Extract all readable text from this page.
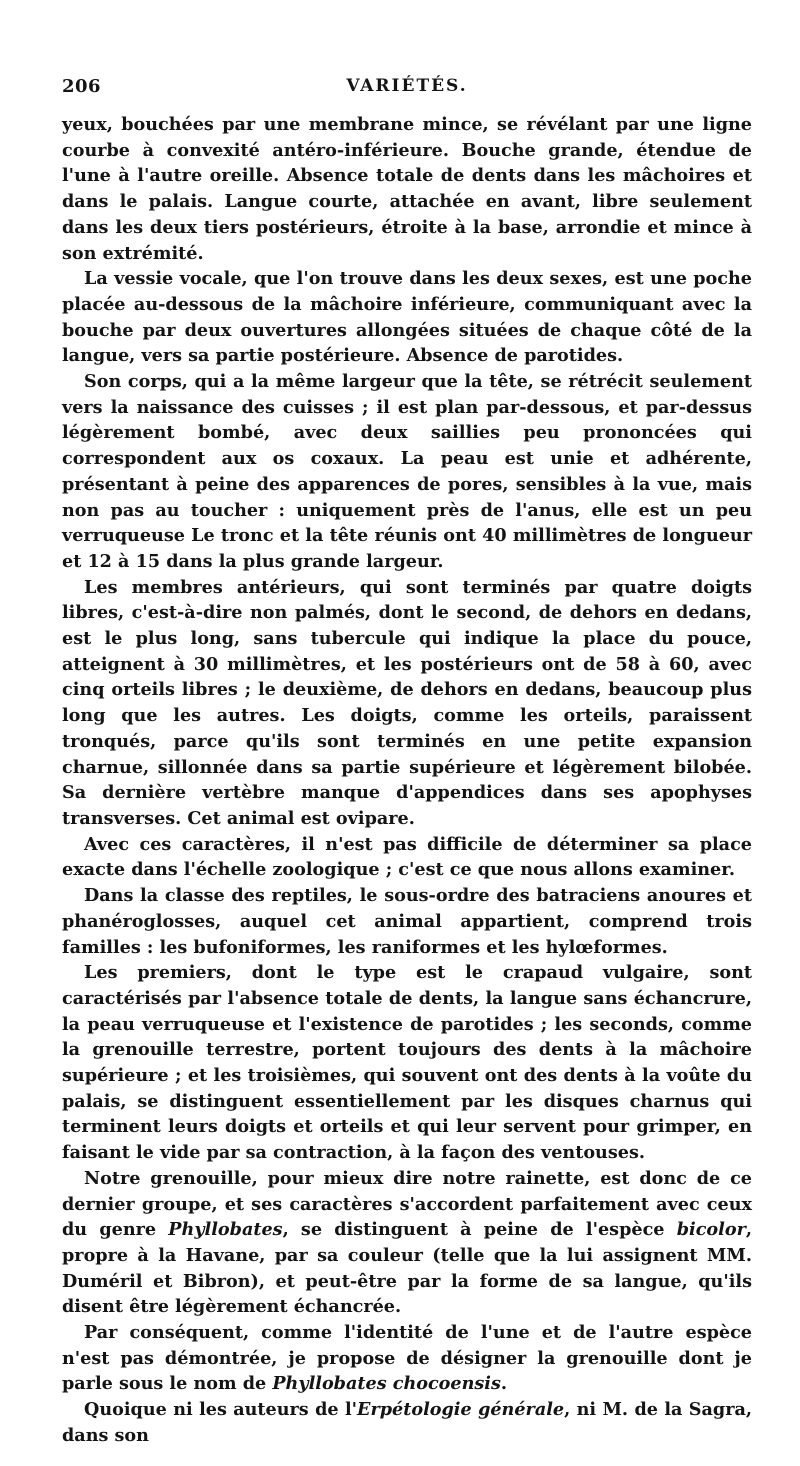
206	VARIÉTÉS.

yeux, bouchées par une membrane mince, se révélant par une ligne courbe à convexité antéro-inférieure. Bouche grande, étendue de l'une à l'autre oreille. Absence totale de dents dans les mâchoires et dans le palais. Langue courte, attachée en avant, libre seulement dans les deux tiers postérieurs, étroite à la base, arrondie et mince à son extrémité.

La vessie vocale, que l'on trouve dans les deux sexes, est une poche placée au-dessous de la mâchoire inférieure, communiquant avec la bouche par deux ouvertures allongées situées de chaque côté de la langue, vers sa partie postérieure. Absence de parotides.

Son corps, qui a la même largeur que la tête, se rétrécit seulement vers la naissance des cuisses ; il est plan par-dessous, et par-dessus légèrement bombé, avec deux saillies peu prononcées qui correspondent aux os coxaux. La peau est unie et adhérente, présentant à peine des apparences de pores, sensibles à la vue, mais non pas au toucher : uniquement près de l'anus, elle est un peu verruqueuse Le tronc et la tête réunis ont 40 millimètres de longueur et 12 à 15 dans la plus grande largeur.

Les membres antérieurs, qui sont terminés par quatre doigts libres, c'est-à-dire non palmés, dont le second, de dehors en dedans, est le plus long, sans tubercule qui indique la place du pouce, atteignent à 30 millimètres, et les postérieurs ont de 58 à 60, avec cinq orteils libres ; le deuxième, de dehors en dedans, beaucoup plus long que les autres. Les doigts, comme les orteils, paraissent tronqués, parce qu'ils sont terminés en une petite expansion charnue, sillonnée dans sa partie supérieure et légèrement bilobée. Sa dernière vertèbre manque d'appendices dans ses apophyses transverses. Cet animal est ovipare.

Avec ces caractères, il n'est pas difficile de déterminer sa place exacte dans l'échelle zoologique ; c'est ce que nous allons examiner.

Dans la classe des reptiles, le sous-ordre des batraciens anoures et phanéroglosses, auquel cet animal appartient, comprend trois familles : les bufoniformes, les raniformes et les hylœformes.

Les premiers, dont le type est le crapaud vulgaire, sont caractérisés par l'absence totale de dents, la langue sans échancrure, la peau verruqueuse et l'existence de parotides ; les seconds, comme la grenouille terrestre, portent toujours des dents à la mâchoire supérieure ; et les troisièmes, qui souvent ont des dents à la voûte du palais, se distinguent essentiellement par les disques charnus qui terminent leurs doigts et orteils et qui leur servent pour grimper, en faisant le vide par sa contraction, à la façon des ventouses.

Notre grenouille, pour mieux dire notre rainette, est donc de ce dernier groupe, et ses caractères s'accordent parfaitement avec ceux du genre Phyllobates, se distinguent à peine de l'espèce bicolor, propre à la Havane, par sa couleur (telle que la lui assignent MM. Duméril et Bibron), et peut-être par la forme de sa langue, qu'ils disent être légèrement échancrée.

Par conséquent, comme l'identité de l'une et de l'autre espèce n'est pas démontrée, je propose de désigner la grenouille dont je parle sous le nom de Phyllobates chocoensis.

Quoique ni les auteurs de l'Erpétologie générale, ni M. de la Sagra, dans son
